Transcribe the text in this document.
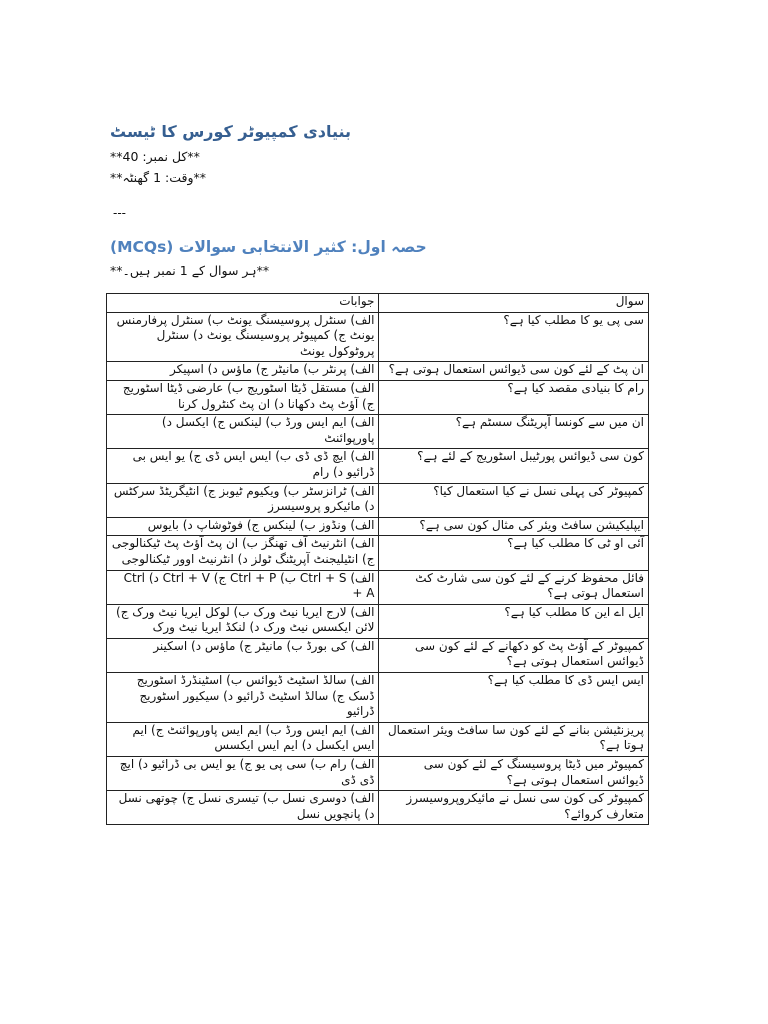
بنیادی کمپیوٹر کورس کا ٹیسٹ
**کل نمبر: 40**
**وقت: 1 گھنٹہ**
---
حصہ اول: کثیر الانتخابی سوالات (MCQs)
**ہر سوال کے 1 نمبر ہیں۔**
سوال	جوابات
سی پی یو کا مطلب کیا ہے؟	الف) سنٹرل پروسیسنگ یونٹ ب) سنٹرل پرفارمنس یونٹ ج) کمپیوٹر پروسیسنگ یونٹ د) سنٹرل پروٹوکول یونٹ
ان پٹ کے لئے کون سی ڈیوائس استعمال ہوتی ہے؟	الف) پرنٹر ب) مانیٹر ج) ماؤس د) اسپیکر
رام کا بنیادی مقصد کیا ہے؟	الف) مستقل ڈیٹا اسٹوریج ب) عارضی ڈیٹا اسٹوریج ج) آؤٹ پٹ دکھانا د) ان پٹ کنٹرول کرنا
ان میں سے کونسا آپریٹنگ سسٹم ہے؟	الف) ایم ایس ورڈ ب) لینکس ج) ایکسل د) پاورپوائنٹ
کون سی ڈیوائس پورٹیبل اسٹوریج کے لئے ہے؟	الف) ایچ ڈی ڈی ب) ایس ایس ڈی ج) یو ایس بی ڈرائیو د) رام
کمپیوٹر کی پہلی نسل نے کیا استعمال کیا؟	الف) ٹرانزسٹر ب) ویکیوم ٹیوبز ج) انٹیگریٹڈ سرکٹس د) مائیکرو پروسیسرز
ایپلیکیشن سافٹ ویئر کی مثال کون سی ہے؟	الف) ونڈوز ب) لینکس ج) فوٹوشاپ د) بایوس
آئی او ٹی کا مطلب کیا ہے؟	الف) انٹرنیٹ آف تھنگز ب) ان پٹ آؤٹ پٹ ٹیکنالوجی ج) انٹیلیجنٹ آپریٹنگ ٹولز د) انٹرنیٹ اوور ٹیکنالوجی
فائل محفوظ کرنے کے لئے کون سی شارٹ کٹ استعمال ہوتی ہے؟	الف) Ctrl + S ب) Ctrl + P ج) Ctrl + V د) Ctrl + A
ایل اے این کا مطلب کیا ہے؟	الف) لارج ایریا نیٹ ورک ب) لوکل ایریا نیٹ ورک ج) لائن ایکسس نیٹ ورک د) لنکڈ ایریا نیٹ ورک
کمپیوٹر کے آؤٹ پٹ کو دکھانے کے لئے کون سی ڈیوائس استعمال ہوتی ہے؟	الف) کی بورڈ ب) مانیٹر ج) ماؤس د) اسکینر
ایس ایس ڈی کا مطلب کیا ہے؟	الف) سالڈ اسٹیٹ ڈیوائس ب) اسٹینڈرڈ اسٹوریج ڈسک ج) سالڈ اسٹیٹ ڈرائیو د) سیکیور اسٹوریج ڈرائیو
پریزنٹیشن بنانے کے لئے کون سا سافٹ ویئر استعمال ہوتا ہے؟	الف) ایم ایس ورڈ ب) ایم ایس پاورپوائنٹ ج) ایم ایس ایکسل د) ایم ایس ایکسس
کمپیوٹر میں ڈیٹا پروسیسنگ کے لئے کون سی ڈیوائس استعمال ہوتی ہے؟	الف) رام ب) سی پی یو ج) یو ایس بی ڈرائیو د) ایچ ڈی ڈی
کمپیوٹر کی کون سی نسل نے مائیکروپروسیسرز متعارف کروائے؟	الف) دوسری نسل ب) تیسری نسل ج) چوتھی نسل د) پانچویں نسل
